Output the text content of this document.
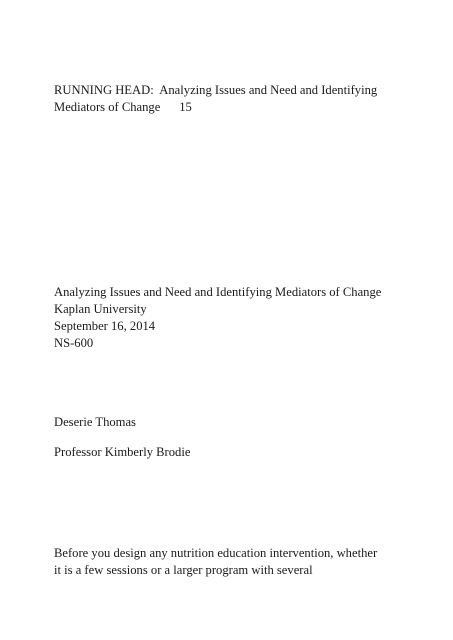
RUNNING HEAD:  Analyzing Issues and Need and Identifying
Mediators of Change      15
Analyzing Issues and Need and Identifying Mediators of Change
Kaplan University
September 16, 2014
NS-600
Deserie Thomas
Professor Kimberly Brodie
Before you design any nutrition education intervention, whether
it is a few sessions or a larger program with several
